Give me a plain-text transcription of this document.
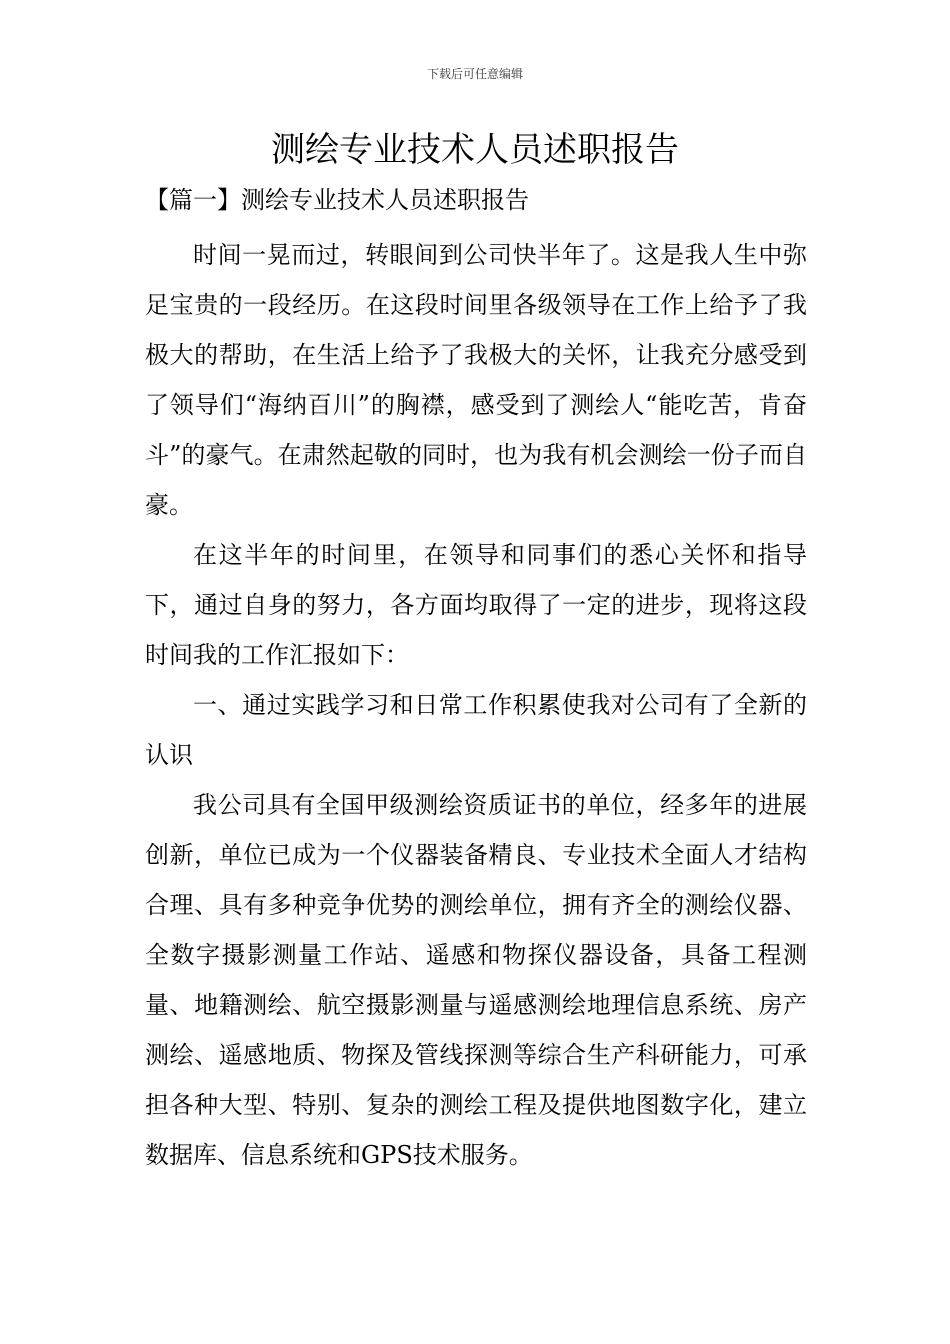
下载后可任意编辑
测绘专业技术人员述职报告
【篇一】测绘专业技术人员述职报告

时间一晃而过，转眼间到公司快半年了。这是我人生中弥足宝贵的一段经历。在这段时间里各级领导在工作上给予了我极大的帮助，在生活上给予了我极大的关怀，让我充分感受到了领导们“海纳百川”的胸襟，感受到了测绘人“能吃苦，肯奋斗”的豪气。在肃然起敬的同时，也为我有机会测绘一份子而自豪。

在这半年的时间里，在领导和同事们的悉心关怀和指导下，通过自身的努力，各方面均取得了一定的进步，现将这段时间我的工作汇报如下：

一、通过实践学习和日常工作积累使我对公司有了全新的认识

我公司具有全国甲级测绘资质证书的单位，经多年的进展创新，单位已成为一个仪器装备精良、专业技术全面人才结构合理、具有多种竞争优势的测绘单位，拥有齐全的测绘仪器、全数字摄影测量工作站、遥感和物探仪器设备，具备工程测量、地籍测绘、航空摄影测量与遥感测绘地理信息系统、房产测绘、遥感地质、物探及管线探测等综合生产科研能力，可承担各种大型、特别、复杂的测绘工程及提供地图数字化，建立数据库、信息系统和GPS技术服务。
